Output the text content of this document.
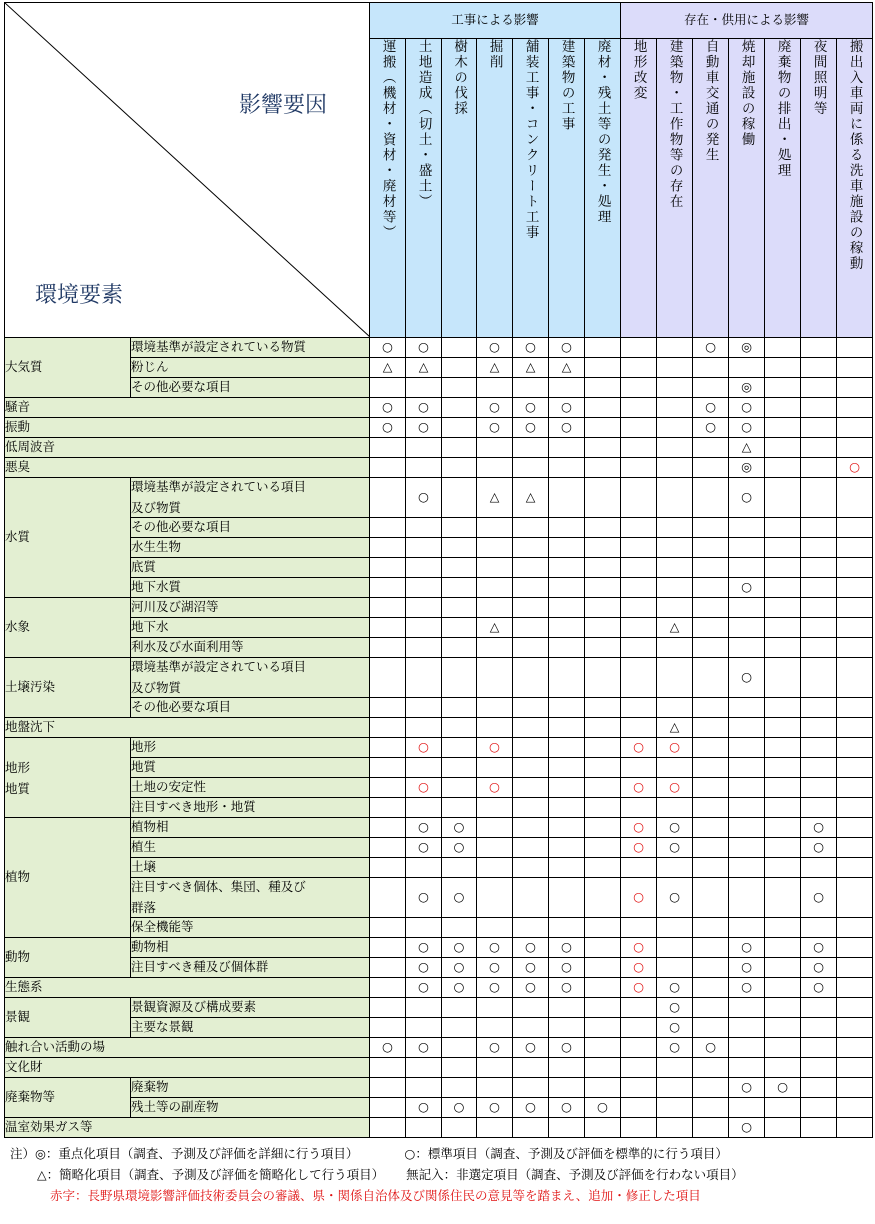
影響要因
環境要素		工事による影響							存在・供用による影響						

		運搬（機材・資材・廃材等）	土地造成（切土・盛土）	樹木の伐採	掘削	舗装工事・コンクリート工事	建築物の工事	廃材・残土等の発生・処理	地形改変	建築物・工作物等の存在	自動車交通の発生	焼却施設の稼働	廃棄物の排出・処理	夜間照明等	搬出入車両に係る洗車施設の稼動

大気質	環境基準が設定されている物質	○	○		○	○	○				○	◎			

	粉じん	△	△		△	△	△								

	その他必要な項目											◎			
騒音		○	○		○	○	○				○	○			
振動		○	○		○	○	○				○	○			
低周波音												△			
悪臭												◎			○
水質	環境基準が設定されている項目
及び物質		○		△	△						○			

	その他必要な項目														

	水生生物														

	底質														

	地下水質											○			
水象	河川及び湖沼等														

	地下水				△					△					

	利水及び水面利用等														

土壌汚染	環境基準が設定されている項目
及び物質											○			

	その他必要な項目														

地盤沈下										△					
地形
地質	地形		○		○				○	○					

	地質														

	土地の安定性		○		○				○	○					

	注目すべき地形・地質														

植物	植物相		○	○					○	○				○	

	植生		○	○					○	○				○	

	土壌														

	注目すべき個体、集団、種及び
群落		○	○					○	○				○	

	保全機能等														

動物	動物相		○	○	○	○	○		○			○		○	

	注目すべき種及び個体群		○	○	○	○	○		○			○		○	
生態系			○	○	○	○	○		○	○		○		○	
景観	景観資源及び構成要素									○					

	主要な景観									○					
触れ合い活動の場		○	○		○	○	○			○	○				
文化財															
廃棄物等	廃棄物											○	○		

	残土等の副産物		○	○	○	○	○	○							
温室効果ガス等												○			
注）◎：重点化項目（調査、予測及び評価を詳細に行う項目）	○：標準項目（調査、予測及び評価を標準的に行う項目）
△：簡略化項目（調査、予測及び評価を簡略化して行う項目） 無記入：非選定項目（調査、予測及び評価を行わない項目）
赤字：長野県環境影響評価技術委員会の審議、県・関係自治体及び関係住民の意見等を踏まえ、追加・修正した項目
